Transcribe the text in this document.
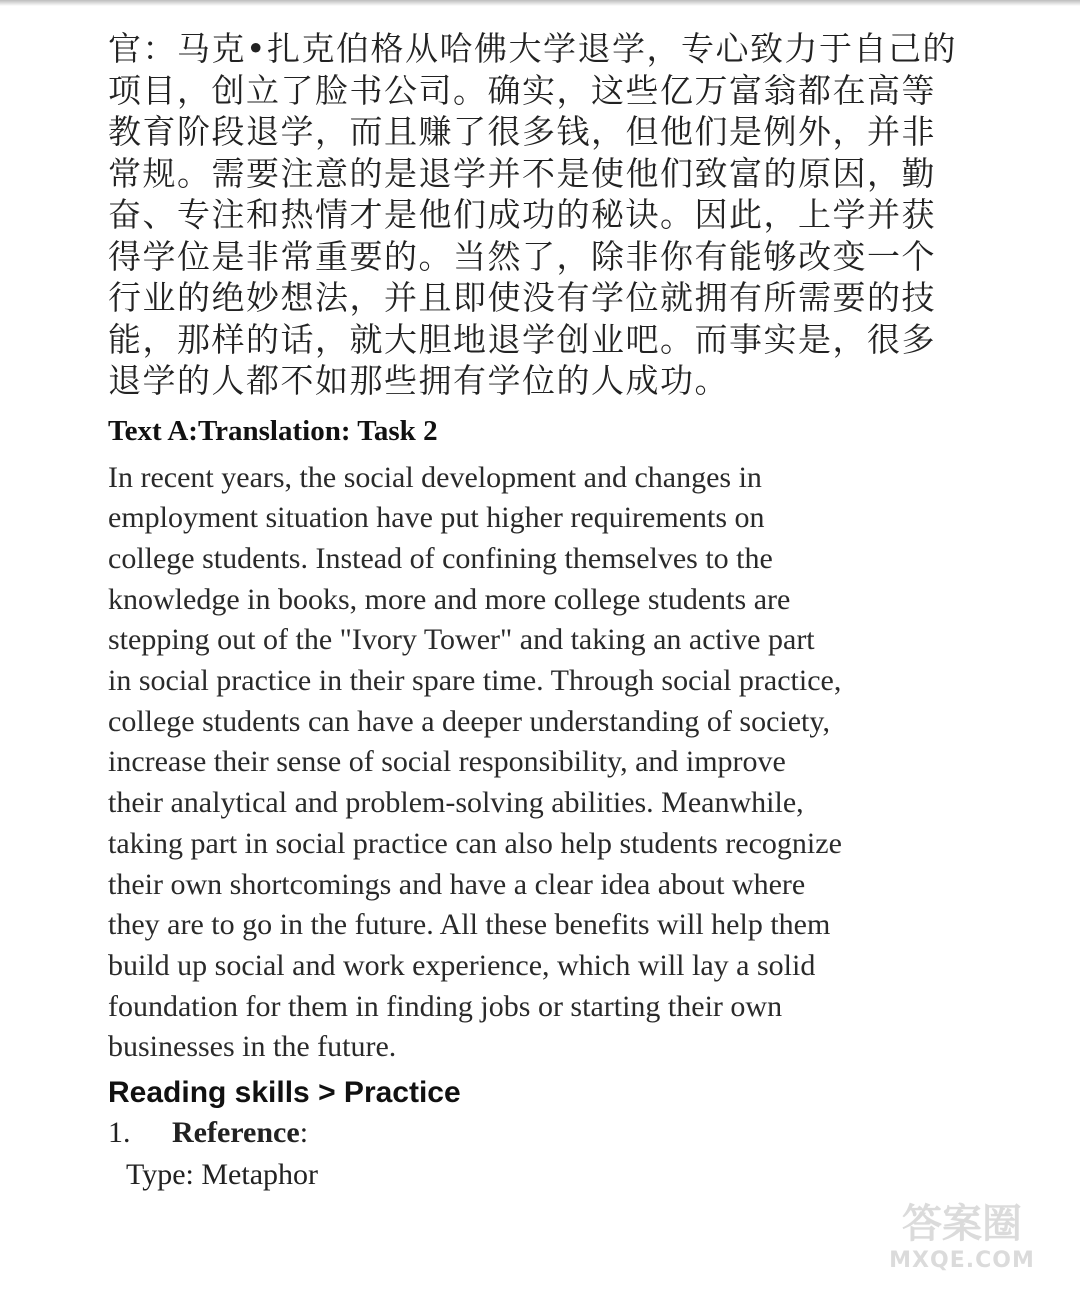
官：马克•扎克伯格从哈佛大学退学，专心致力于自己的
项目，创立了脸书公司。确实，这些亿万富翁都在高等
教育阶段退学，而且赚了很多钱，但他们是例外，并非
常规。需要注意的是退学并不是使他们致富的原因，勤
奋、专注和热情才是他们成功的秘诀。因此，上学并获
得学位是非常重要的。当然了，除非你有能够改变一个
行业的绝妙想法，并且即使没有学位就拥有所需要的技
能，那样的话，就大胆地退学创业吧。而事实是，很多
退学的人都不如那些拥有学位的人成功。

Text A:Translation: Task 2

In recent years, the social development and changes in
employment situation have put higher requirements on
college students. Instead of confining themselves to the
knowledge in books, more and more college students are
stepping out of the "Ivory Tower" and taking an active part
in social practice in their spare time. Through social practice,
college students can have a deeper understanding of society,
increase their sense of social responsibility, and improve
their analytical and problem-solving abilities. Meanwhile,
taking part in social practice can also help students recognize
their own shortcomings and have a clear idea about where
they are to go in the future. All these benefits will help them
build up social and work experience, which will lay a solid
foundation for them in finding jobs or starting their own
businesses in the future.

Reading skills > Practice

1. Reference:

Type: Metaphor

答案圈
MXQE.COM
